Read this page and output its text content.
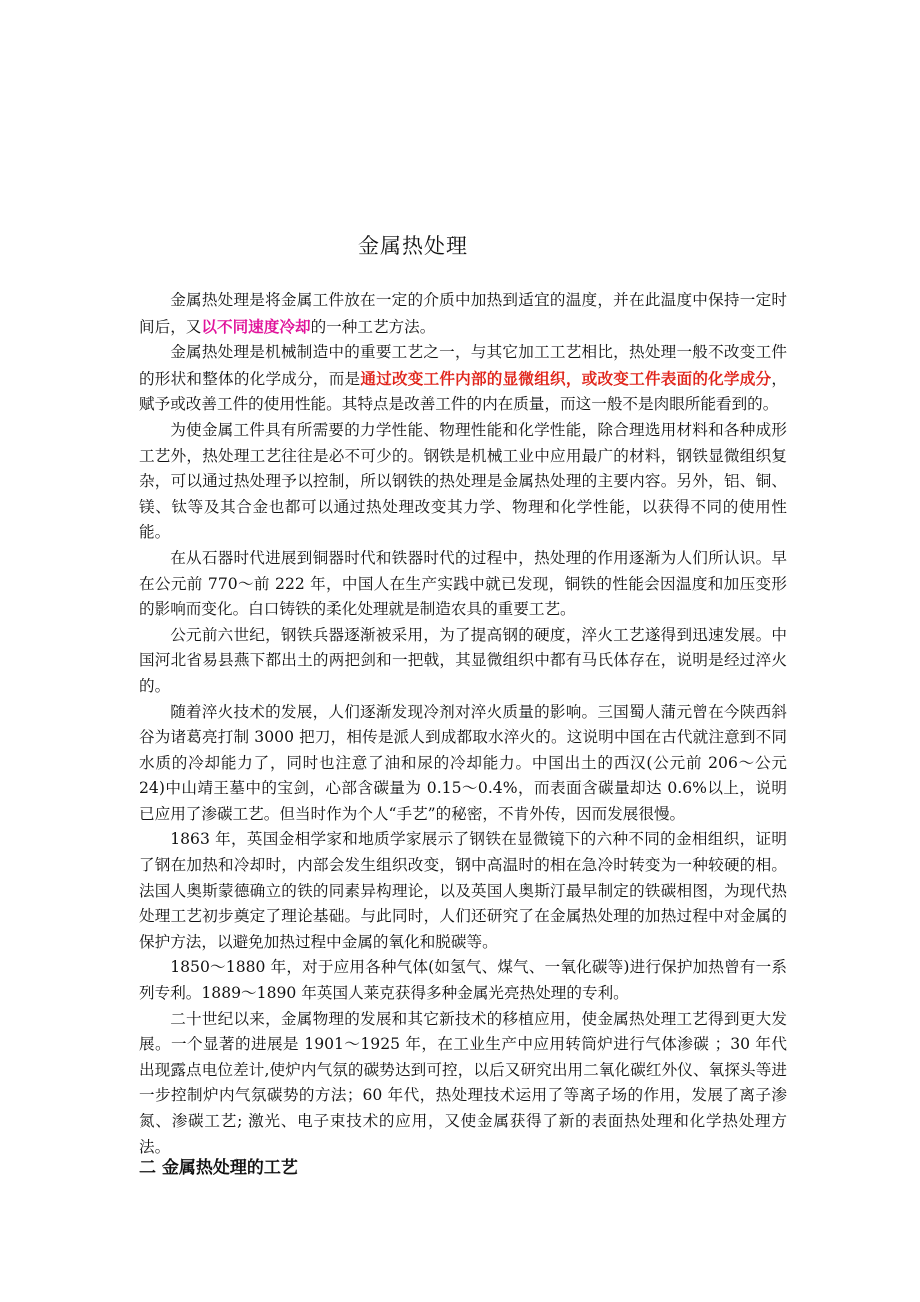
金属热处理

金属热处理是将金属工件放在一定的介质中加热到适宜的温度，并在此温度中保持一定时间后，又以不同速度冷却的一种工艺方法。

金属热处理是机械制造中的重要工艺之一，与其它加工工艺相比，热处理一般不改变工件的形状和整体的化学成分，而是通过改变工件内部的显微组织，或改变工件表面的化学成分，赋予或改善工件的使用性能。其特点是改善工件的内在质量，而这一般不是肉眼所能看到的。

为使金属工件具有所需要的力学性能、物理性能和化学性能，除合理选用材料和各种成形工艺外，热处理工艺往往是必不可少的。钢铁是机械工业中应用最广的材料，钢铁显微组织复杂，可以通过热处理予以控制，所以钢铁的热处理是金属热处理的主要内容。另外，铝、铜、镁、钛等及其合金也都可以通过热处理改变其力学、物理和化学性能，以获得不同的使用性能。

在从石器时代进展到铜器时代和铁器时代的过程中，热处理的作用逐渐为人们所认识。早在公元前 770～前 222 年，中国人在生产实践中就已发现，铜铁的性能会因温度和加压变形的影响而变化。白口铸铁的柔化处理就是制造农具的重要工艺。

公元前六世纪，钢铁兵器逐渐被采用，为了提高钢的硬度，淬火工艺遂得到迅速发展。中国河北省易县燕下都出土的两把剑和一把戟，其显微组织中都有马氏体存在，说明是经过淬火的。

随着淬火技术的发展，人们逐渐发现冷剂对淬火质量的影响。三国蜀人蒲元曾在今陕西斜谷为诸葛亮打制 3000 把刀，相传是派人到成都取水淬火的。这说明中国在古代就注意到不同水质的冷却能力了，同时也注意了油和尿的冷却能力。中国出土的西汉(公元前 206～公元 24)中山靖王墓中的宝剑，心部含碳量为 0.15～0.4%，而表面含碳量却达 0.6%以上，说明已应用了渗碳工艺。但当时作为个人“手艺”的秘密，不肯外传，因而发展很慢。

1863 年，英国金相学家和地质学家展示了钢铁在显微镜下的六种不同的金相组织，证明了钢在加热和冷却时，内部会发生组织改变，钢中高温时的相在急冷时转变为一种较硬的相。法国人奥斯蒙德确立的铁的同素异构理论，以及英国人奥斯汀最早制定的铁碳相图，为现代热处理工艺初步奠定了理论基础。与此同时，人们还研究了在金属热处理的加热过程中对金属的保护方法，以避免加热过程中金属的氧化和脱碳等。

1850～1880 年，对于应用各种气体(如氢气、煤气、一氧化碳等)进行保护加热曾有一系列专利。1889～1890 年英国人莱克获得多种金属光亮热处理的专利。

二十世纪以来，金属物理的发展和其它新技术的移植应用，使金属热处理工艺得到更大发展。一个显著的进展是 1901～1925 年，在工业生产中应用转筒炉进行气体渗碳 ；30 年代出现露点电位差计,使炉内气氛的碳势达到可控，以后又研究出用二氧化碳红外仪、氧探头等进一步控制炉内气氛碳势的方法；60 年代，热处理技术运用了等离子场的作用，发展了离子渗氮、渗碳工艺; 激光、电子束技术的应用，又使金属获得了新的表面热处理和化学热处理方法。

二 金属热处理的工艺
